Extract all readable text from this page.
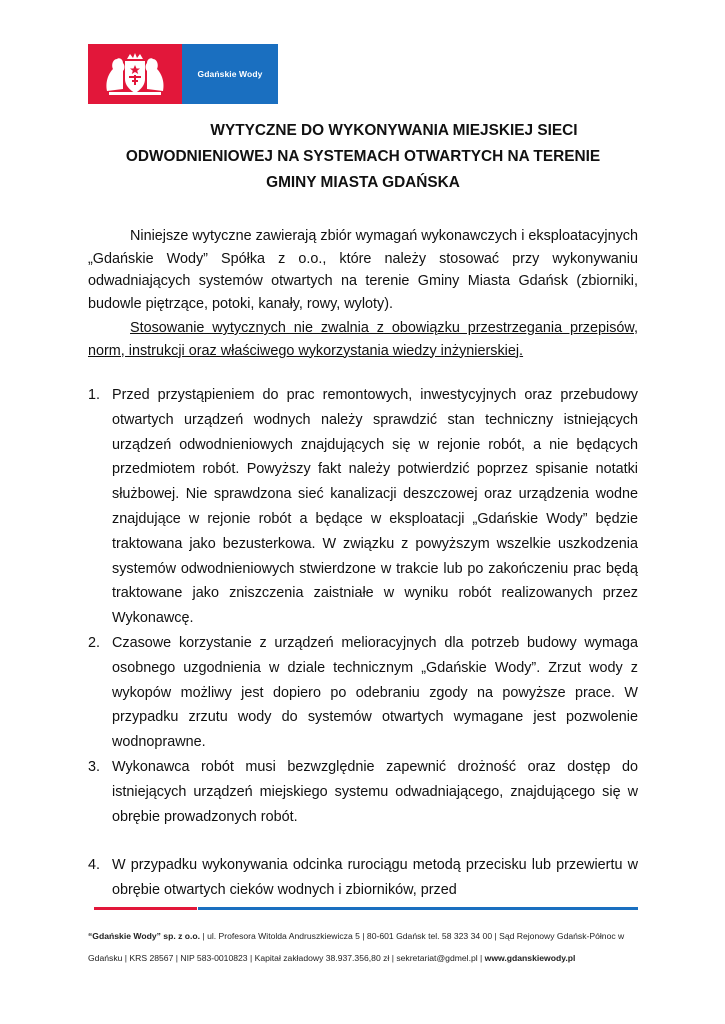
Gdańskie Wody
WYTYCZNE DO WYKONYWANIA MIEJSKIEJ SIECI
ODWODNIENIOWEJ NA SYSTEMACH OTWARTYCH NA TERENIE
GMINY MIASTA GDAŃSKA
Niniejsze wytyczne zawierają zbiór wymagań wykonawczych i eksploatacyjnych „Gdańskie Wody” Spółka z o.o., które należy stosować przy wykonywaniu odwadniających systemów otwartych na terenie Gminy Miasta Gdańsk (zbiorniki, budowle piętrzące, potoki, kanały, rowy, wyloty).
Stosowanie wytycznych nie zwalnia z obowiązku przestrzegania przepisów, norm, instrukcji oraz właściwego wykorzystania wiedzy inżynierskiej.
1. Przed przystąpieniem do prac remontowych, inwestycyjnych oraz przebudowy otwartych urządzeń wodnych należy sprawdzić stan techniczny istniejących urządzeń odwodnieniowych znajdujących się w rejonie robót, a nie będących przedmiotem robót. Powyższy fakt należy potwierdzić poprzez spisanie notatki służbowej. Nie sprawdzona sieć kanalizacji deszczowej oraz urządzenia wodne znajdujące w rejonie robót a będące w eksploatacji „Gdańskie Wody” będzie traktowana jako bezusterkowa. W związku z powyższym wszelkie uszkodzenia systemów odwodnieniowych stwierdzone w trakcie lub po zakończeniu prac będą traktowane jako zniszczenia zaistniałe w wyniku robót realizowanych przez Wykonawcę.
2. Czasowe korzystanie z urządzeń melioracyjnych dla potrzeb budowy wymaga osobnego uzgodnienia w dziale technicznym „Gdańskie Wody”. Zrzut wody z wykopów możliwy jest dopiero po odebraniu zgody na powyższe prace. W przypadku zrzutu wody do systemów otwartych wymagane jest pozwolenie wodnoprawne.
3. Wykonawca robót musi bezwzględnie zapewnić drożność oraz dostęp do istniejących urządzeń miejskiego systemu odwadniającego, znajdującego się w obrębie prowadzonych robót.
4. W przypadku wykonywania odcinka rurociągu metodą przecisku lub przewiertu w obrębie otwartych cieków wodnych i zbiorników, przed
“Gdańskie Wody” sp. z o.o. | ul. Profesora Witolda Andruszkiewicza 5 | 80-601 Gdańsk tel. 58 323 34 00 | Sąd Rejonowy Gdańsk-Północ w
Gdańsku | KRS 28567 | NIP 583-0010823 | Kapitał zakładowy 38.937.356,80 zł | sekretariat@gdmel.pl | www.gdanskiewody.pl
